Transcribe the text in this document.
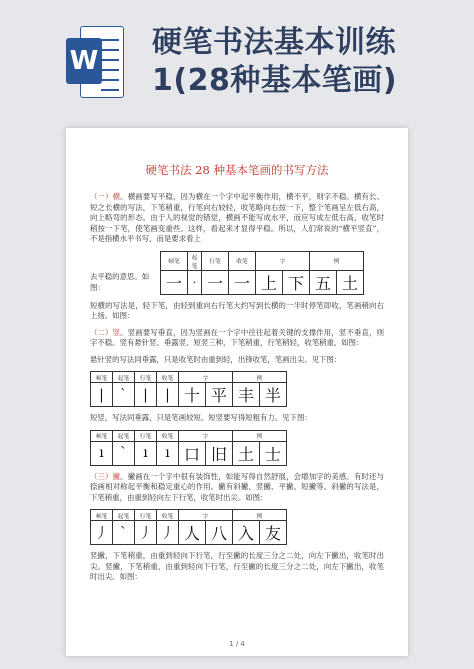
W
硬笔书法基本训练
1(28种基本笔画)
硬笔书法 28 种基本笔画的书写方法

（一）横。横画要写平稳，因为横在一个字中起平衡作用，横不平，则字不稳。横有长、短之长横的写法，下笔稍重，行笔向右较轻，收笔略向右按一下，整个笔画呈左低右高，向上略弯的形态。由于人的视觉的错觉，横画不能写成水平，而应写成左低右高，收笔时稍按一下笔，使笔画变重些。这样，看起来才显得平稳。所以，人们常说的“横平竖直”，不是指横水平书写，而是要求看上

去平稳的意思。如图：
顿笔	起笔	行笔	收笔	字		例	
一	·	一	一	上	下	五	土

短横的写法是，轻下笔，由轻到重向右行笔大约写到长横的一半时停笔即收，笔画稍向右上扬。如图：

（二）竖。竖画要写垂直，因为竖画在一个字中往往起着关键的支撑作用，竖不垂直，则字不稳。竖有悬针竖、垂露竖、短竖三种，下笔稍重，行笔稍轻，收笔稍重，如图：

悬针竖的写法同垂露，只是收笔时由重到轻，出锋收笔，笔画出尖。见下图：

顿笔	起笔	行笔	收笔	字		例	
|	`	|	|	十	平	丰	半

短竖，写法同垂露，只是笔画较短。短竖要写得短粗有力。见下图：

顿笔	起笔	行笔	收笔	字		例	
ı	`	ı	ı	口	旧	土	士

（三）撇。撇画在一个字中很有装饰性，如能写得自然舒展，会增加字的美感。有时还与捺画相对称起平衡和稳定重心的作用。撇有斜撇、竖撇、平撇、短撇等。斜撇的写法是，下笔稍重，由重到轻向左下行笔，收笔时出尖。如图：

顿笔	起笔	行笔	收笔	字		例	
丿	`	丿	丿	人	八	入	友

竖撇，下笔稍重，由重到轻向下行笔，行至撇的长度三分之二处，向左下撇出，收笔时出尖。竖撇，下笔稍重，由重到轻向下行笔，行至撇的长度三分之二处，向左下撇出，收笔时出尖。如图：

1 / 4
